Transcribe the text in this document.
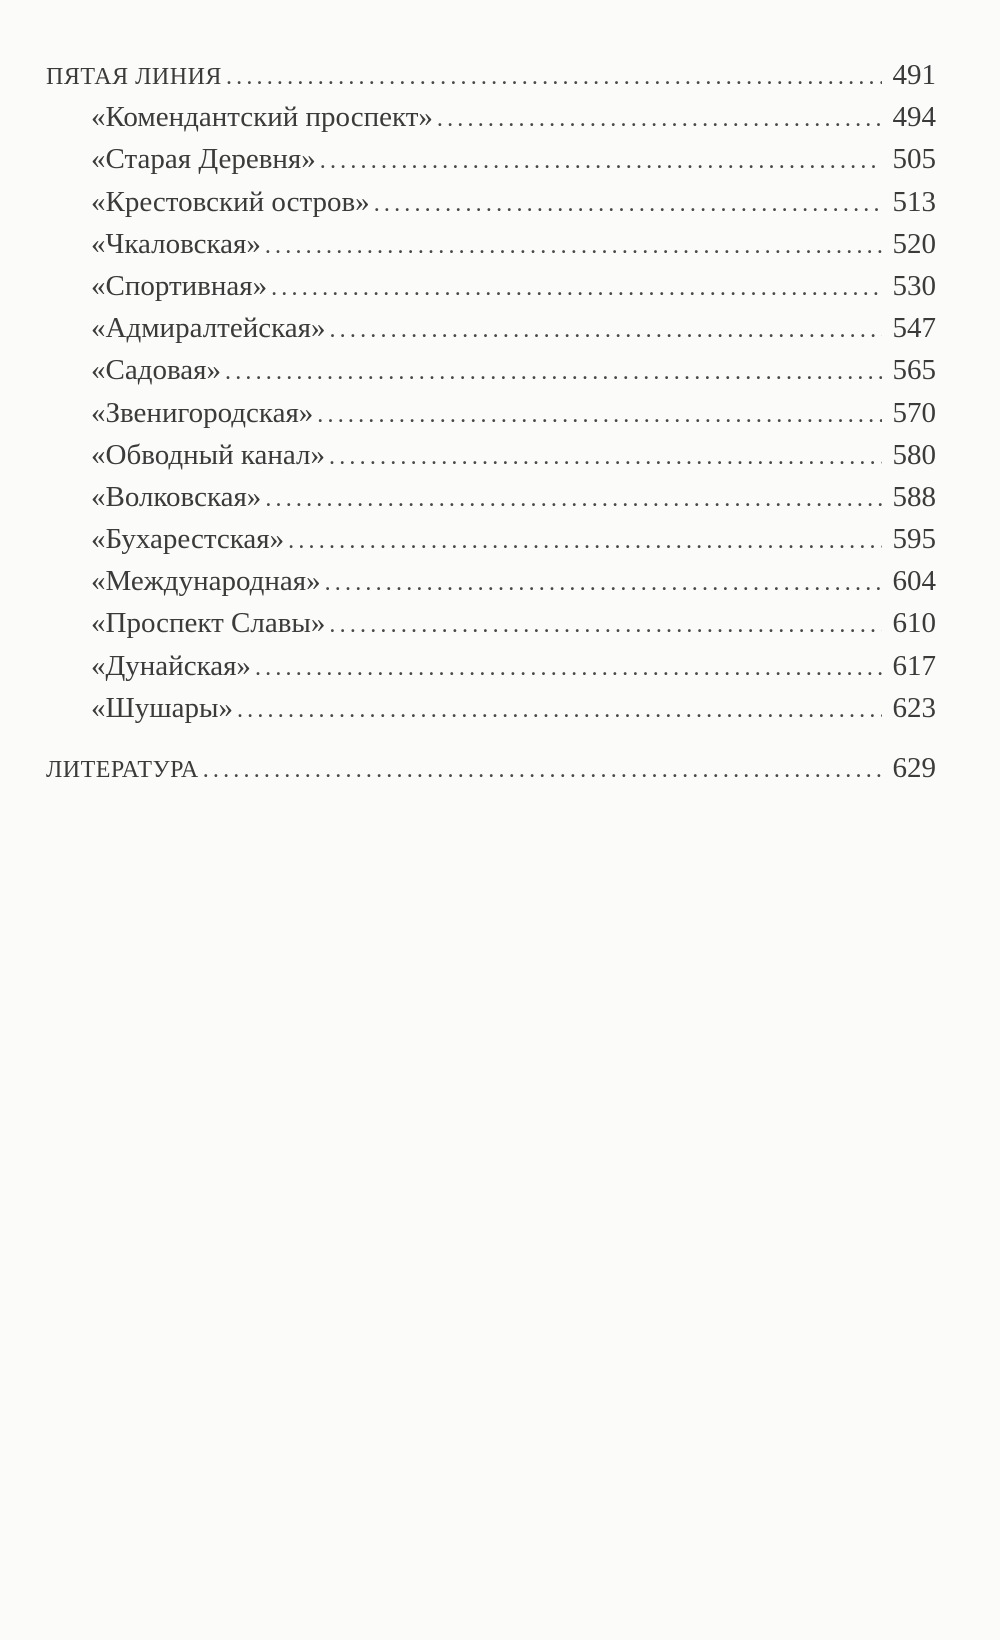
ПЯТАЯ ЛИНИЯ .....	491
«Комендантский проспект» .....	494
«Старая Деревня» .....	505
«Крестовский остров» .....	513
«Чкаловская» .....	520
«Спортивная» .....	530
«Адмиралтейская» .....	547
«Садовая» .....	565
«Звенигородская» .....	570
«Обводный канал» .....	580
«Волковская» .....	588
«Бухарестская» .....	595
«Международная» .....	604
«Проспект Славы» .....	610
«Дунайская» .....	617
«Шушары» .....	623
ЛИТЕРАТУРА .....	629
